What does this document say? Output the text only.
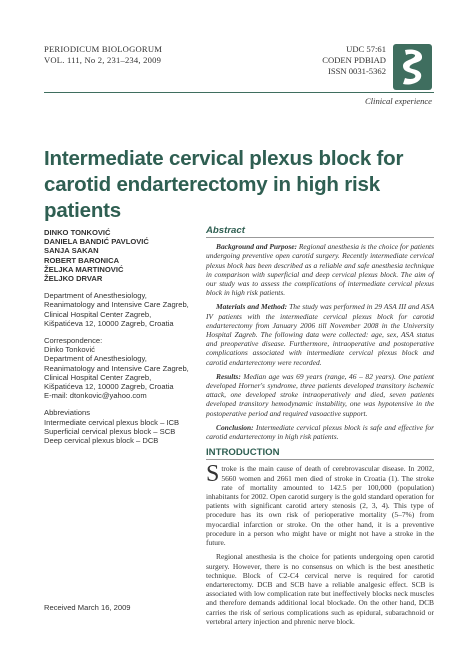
PERIODICUM BIOLOGORUM
VOL. 111, No 2, 231–234, 2009
UDC 57:61
CODEN PDBIAD
ISSN 0031-5362
Clinical experience
Intermediate cervical plexus block for carotid endarterectomy in high risk patients
DINKO TONKOVIĆ
DANIELA BANDIĆ PAVLOVIĆ
SANJA SAKAN
ROBERT BARONICA
ŽELJKA MARTINOVIĆ
ŽELJKO DRVAR
Department of Anesthesiology, Reanimatology and Intensive Care Zagreb, Clinical Hospital Center Zagreb, Kišpatićeva 12, 10000 Zagreb, Croatia
Correspondence:
Dinko Tonković
Department of Anesthesiology, Reanimatology and Intensive Care Zagreb, Clinical Hospital Center Zagreb, Kišpatićeva 12, 10000 Zagreb, Croatia
E-mail: dtonkovic@yahoo.com
Abbreviations
Intermediate cervical plexus block – ICB
Superficial cervical plexus block – SCB
Deep cervical plexus block – DCB
Received March 16, 2009
Abstract

Background and Purpose: Regional anesthesia is the choice for patients undergoing preventive open carotid surgery. Recently intermediate cervical plexus block has been described as a reliable and safe anesthesia technique in comparison with superficial and deep cervical plexus block. The aim of our study was to assess the complications of intermediate cervical plexus block in high risk patients.

Materials and Method: The study was performed in 29 ASA III and ASA IV patients with the intermediate cervical plexus block for carotid endarterectomy from January 2006 till November 2008 in the University Hospital Zagreb. The following data were collected: age, sex, ASA status and preoperative disease. Furthermore, intraoperative and postoperative complications associated with intermediate cervical plexus block and carotid endarterectomy were recorded.

Results: Median age was 69 years (range, 46 – 82 years). One patient developed Horner's syndrome, three patients developed transitory ischemic attack, one developed stroke intraoperatively and died, seven patients developed transitory hemodynamic instability, one was hypotensive in the postoperative period and required vasoactive support.

Conclusion: Intermediate cervical plexus block is safe and effective for carotid endarterectomy in high risk patients.

INTRODUCTION

Stroke is the main cause of death of cerebrovascular disease. In 2002, 5660 women and 2661 men died of stroke in Croatia (1). The stroke rate of mortality amounted to 142.5 per 100,000 (population) inhabitants for 2002. Open carotid surgery is the gold standard operation for patients with significant carotid artery stenosis (2, 3, 4). This type of procedure has its own risk of perioperative mortality (5–7%) from myocardial infarction or stroke. On the other hand, it is a preventive procedure in a person who might have or might not have a stroke in the future.

Regional anesthesia is the choice for patients undergoing open carotid surgery. However, there is no consensus on which is the best anesthetic technique. Block of C2-C4 cervical nerve is required for carotid endarterectomy. DCB and SCB have a reliable analgesic effect. SCB is associated with low complication rate but ineffectively blocks neck muscles and therefore demands additional local blockade. On the other hand, DCB carries the risk of serious complications such as epidural, subarachnoid or vertebral artery injection and phrenic nerve block.
